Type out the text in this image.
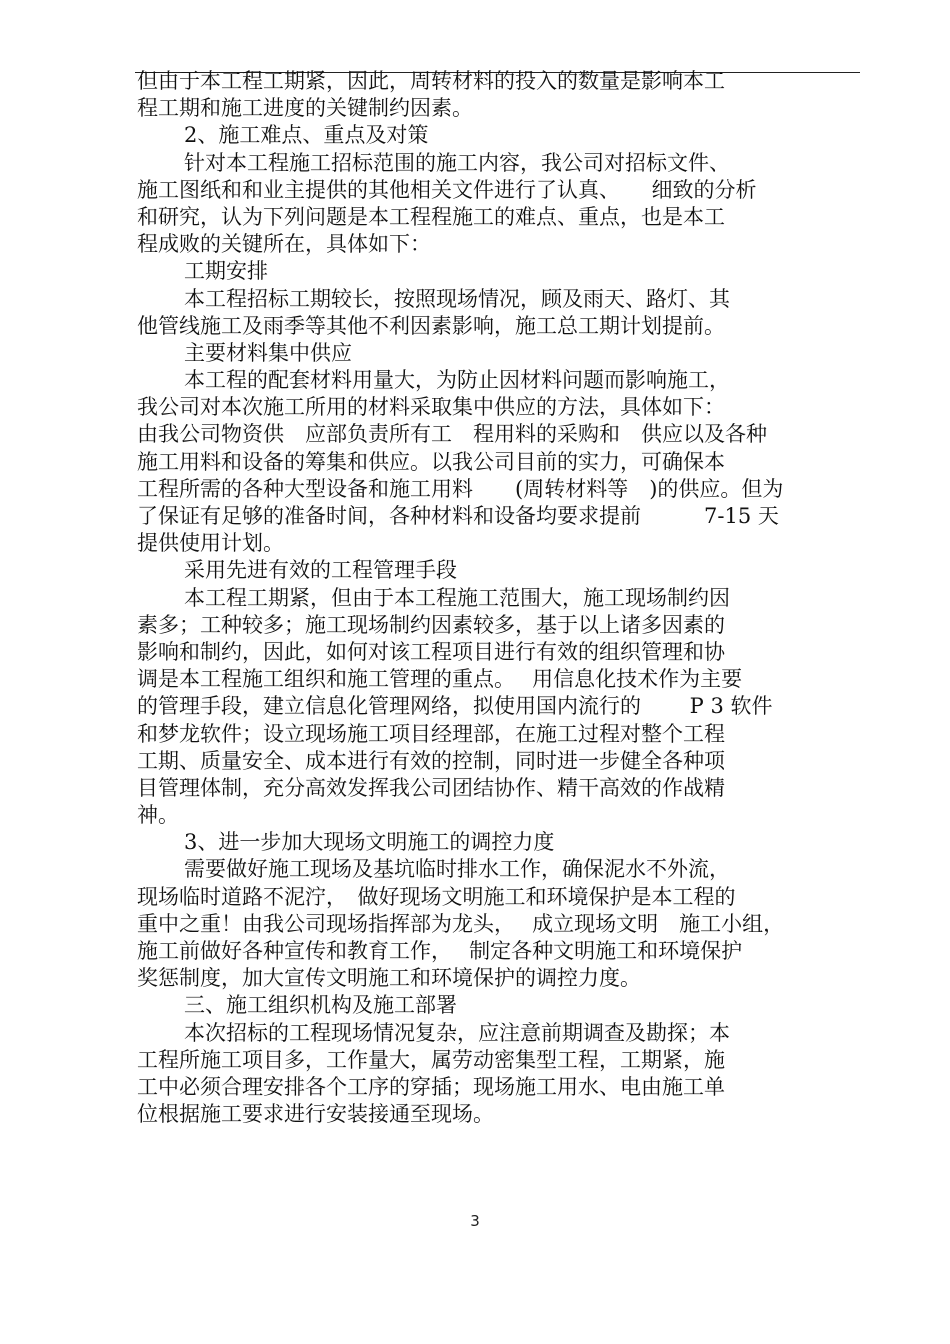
但由于本工程工期紧，因此，周转材料的投入的数量是影响本工
程工期和施工进度的关键制约因素。
2、施工难点、重点及对策
针对本工程施工招标范围的施工内容，我公司对招标文件、
施工图纸和和业主提供的其他相关文件进行了认真、　　细致的分析
和研究，认为下列问题是本工程程施工的难点、重点，也是本工
程成败的关键所在，具体如下：
工期安排
本工程招标工期较长，按照现场情况，顾及雨天、路灯、其
他管线施工及雨季等其他不利因素影响，施工总工期计划提前。
主要材料集中供应
本工程的配套材料用量大，为防止因材料问题而影响施工，
我公司对本次施工所用的材料采取集中供应的方法，具体如下：
由我公司物资供　应部负责所有工　程用料的采购和　供应以及各种
施工用料和设备的筹集和供应。以我公司目前的实力，可确保本
工程所需的各种大型设备和施工用料　　(周转材料等　)的供应。但为
了保证有足够的准备时间，各种材料和设备均要求提前　　　7-15 天
提供使用计划。
采用先进有效的工程管理手段
本工程工期紧，但由于本工程施工范围大，施工现场制约因
素多；工种较多；施工现场制约因素较多，基于以上诸多因素的
影响和制约，因此，如何对该工程项目进行有效的组织管理和协
调是本工程施工组织和施工管理的重点。　 用信息化技术作为主要
的管理手段，建立信息化管理网络，拟使用国内流行的　　 P 3 软件
和梦龙软件；设立现场施工项目经理部，在施工过程对整个工程
工期、质量安全、成本进行有效的控制，同时进一步健全各种项
目管理体制，充分高效发挥我公司团结协作、精干高效的作战精
神。
3、进一步加大现场文明施工的调控力度
需要做好施工现场及基坑临时排水工作，确保泥水不外流，
现场临时道路不泥泞，　做好现场文明施工和环境保护是本工程的
重中之重！由我公司现场指挥部为龙头，　 成立现场文明　施工小组，
施工前做好各种宣传和教育工作，　 制定各种文明施工和环境保护
奖惩制度，加大宣传文明施工和环境保护的调控力度。
三、施工组织机构及施工部署
本次招标的工程现场情况复杂，应注意前期调查及勘探；本
工程所施工项目多，工作量大，属劳动密集型工程，工期紧，施
工中必须合理安排各个工序的穿插；现场施工用水、电由施工单
位根据施工要求进行安装接通至现场。
3
